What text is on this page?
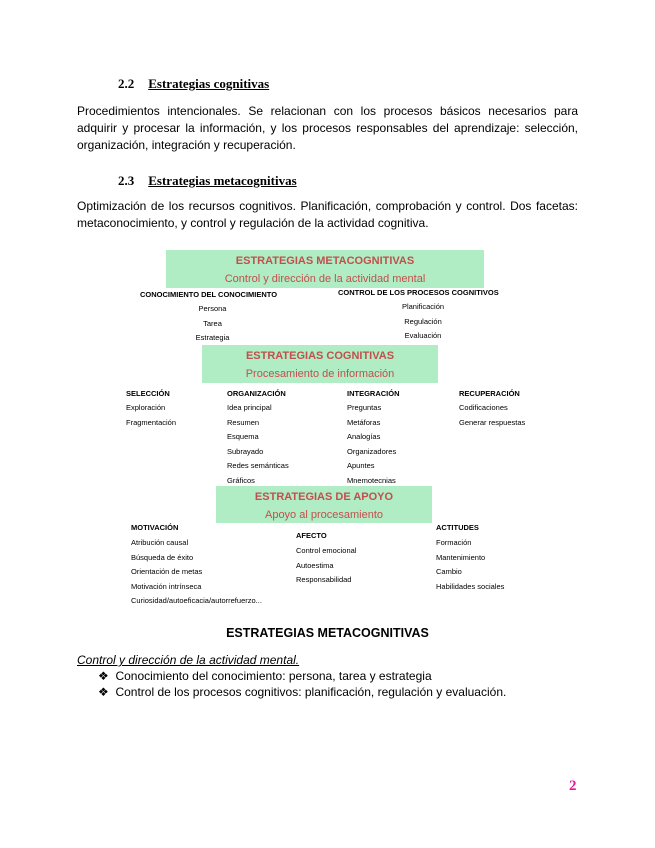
2.2 Estrategias cognitivas
Procedimientos intencionales. Se relacionan con los procesos básicos necesarios para adquirir y procesar la información, y los procesos responsables del aprendizaje: selección, organización, integración y recuperación.
2.3 Estrategias metacognitivas
Optimización de los recursos cognitivos. Planificación, comprobación y control. Dos facetas: metaconocimiento, y control y regulación de la actividad cognitiva.
ESTRATEGIAS METACOGNITIVAS
Control y dirección de la actividad mental
CONOCIMIENTO DEL CONOCIMIENTO
Persona
Tarea
Estrategia
CONTROL DE LOS PROCESOS COGNITIVOS
Planificación
Regulación
Evaluación
ESTRATEGIAS COGNITIVAS
Procesamiento de información
SELECCIÓN
Exploración
Fragmentación
ORGANIZACIÓN
Idea principal
Resumen
Esquema
Subrayado
Redes semánticas
Gráficos
INTEGRACIÓN
Preguntas
Metáforas
Analogías
Organizadores
Apuntes
Mnemotecnias
RECUPERACIÓN
Codificaciones
Generar respuestas
ESTRATEGIAS DE APOYO
Apoyo al procesamiento
MOTIVACIÓN
Atribución causal
Búsqueda de éxito
Orientación de metas
Motivación intrínseca
Curiosidad/autoeficacia/autorrefuerzo...
AFECTO
Control emocional
Autoestima
Responsabilidad
ACTITUDES
Formación
Mantenimiento
Cambio
Habilidades sociales
ESTRATEGIAS METACOGNITIVAS
Control y dirección de la actividad mental.
❖ Conocimiento del conocimiento: persona, tarea y estrategia
❖ Control de los procesos cognitivos: planificación, regulación y evaluación.
2
